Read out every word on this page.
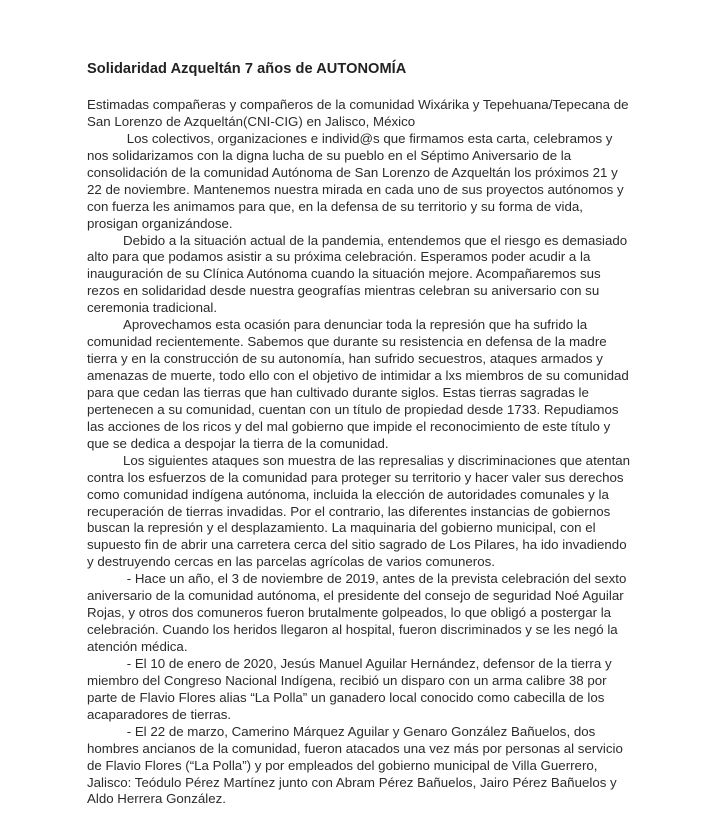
Solidaridad Azqueltán 7 años de AUTONOMÍA
Estimadas compañeras y compañeros de la comunidad Wixárika y Tepehuana/Tepecana de
San Lorenzo de Azqueltán(CNI-CIG) en Jalisco, México
Los colectivos, organizaciones e individ@s que firmamos esta carta, celebramos y
nos solidarizamos con la digna lucha de su pueblo en el Séptimo Aniversario de la
consolidación de la comunidad Autónoma de San Lorenzo de Azqueltán los próximos 21 y
22 de noviembre. Mantenemos nuestra mirada en cada uno de sus proyectos autónomos y
con fuerza les animamos para que, en la defensa de su territorio y su forma de vida,
prosigan organizándose.
Debido a la situación actual de la pandemia, entendemos que el riesgo es demasiado
alto para que podamos asistir a su próxima celebración. Esperamos poder acudir a la
inauguración de su Clínica Autónoma cuando la situación mejore. Acompañaremos sus
rezos en solidaridad desde nuestra geografías mientras celebran su aniversario con su
ceremonia tradicional.
Aprovechamos esta ocasión para denunciar toda la represión que ha sufrido la
comunidad recientemente. Sabemos que durante su resistencia en defensa de la madre
tierra y en la construcción de su autonomía, han sufrido secuestros, ataques armados y
amenazas de muerte, todo ello con el objetivo de intimidar a lxs miembros de su comunidad
para que cedan las tierras que han cultivado durante siglos. Estas tierras sagradas le
pertenecen a su comunidad, cuentan con un título de propiedad desde 1733. Repudiamos
las acciones de los ricos y del mal gobierno que impide el reconocimiento de este título y
que se dedica a despojar la tierra de la comunidad.
Los siguientes ataques son muestra de las represalias y discriminaciones que atentan
contra los esfuerzos de la comunidad para proteger su territorio y hacer valer sus derechos
como comunidad indígena autónoma, incluida la elección de autoridades comunales y la
recuperación de tierras invadidas. Por el contrario, las diferentes instancias de gobiernos
buscan la represión y el desplazamiento. La maquinaria del gobierno municipal, con el
supuesto fin de abrir una carretera cerca del sitio sagrado de Los Pilares, ha ido invadiendo
y destruyendo cercas en las parcelas agrícolas de varios comuneros.
- Hace un año, el 3 de noviembre de 2019, antes de la prevista celebración del sexto
aniversario de la comunidad autónoma, el presidente del consejo de seguridad Noé Aguilar
Rojas, y otros dos comuneros fueron brutalmente golpeados, lo que obligó a postergar la
celebración. Cuando los heridos llegaron al hospital, fueron discriminados y se les negó la
atención médica.
- El 10 de enero de 2020, Jesús Manuel Aguilar Hernández, defensor de la tierra y
miembro del Congreso Nacional Indígena, recibió un disparo con un arma calibre 38 por
parte de Flavio Flores alias “La Polla” un ganadero local conocido como cabecilla de los
acaparadores de tierras.
- El 22 de marzo, Camerino Márquez Aguilar y Genaro González Bañuelos, dos
hombres ancianos de la comunidad, fueron atacados una vez más por personas al servicio
de Flavio Flores (“La Polla”) y por empleados del gobierno municipal de Villa Guerrero,
Jalisco: Teódulo Pérez Martínez junto con Abram Pérez Bañuelos, Jairo Pérez Bañuelos y
Aldo Herrera González.
